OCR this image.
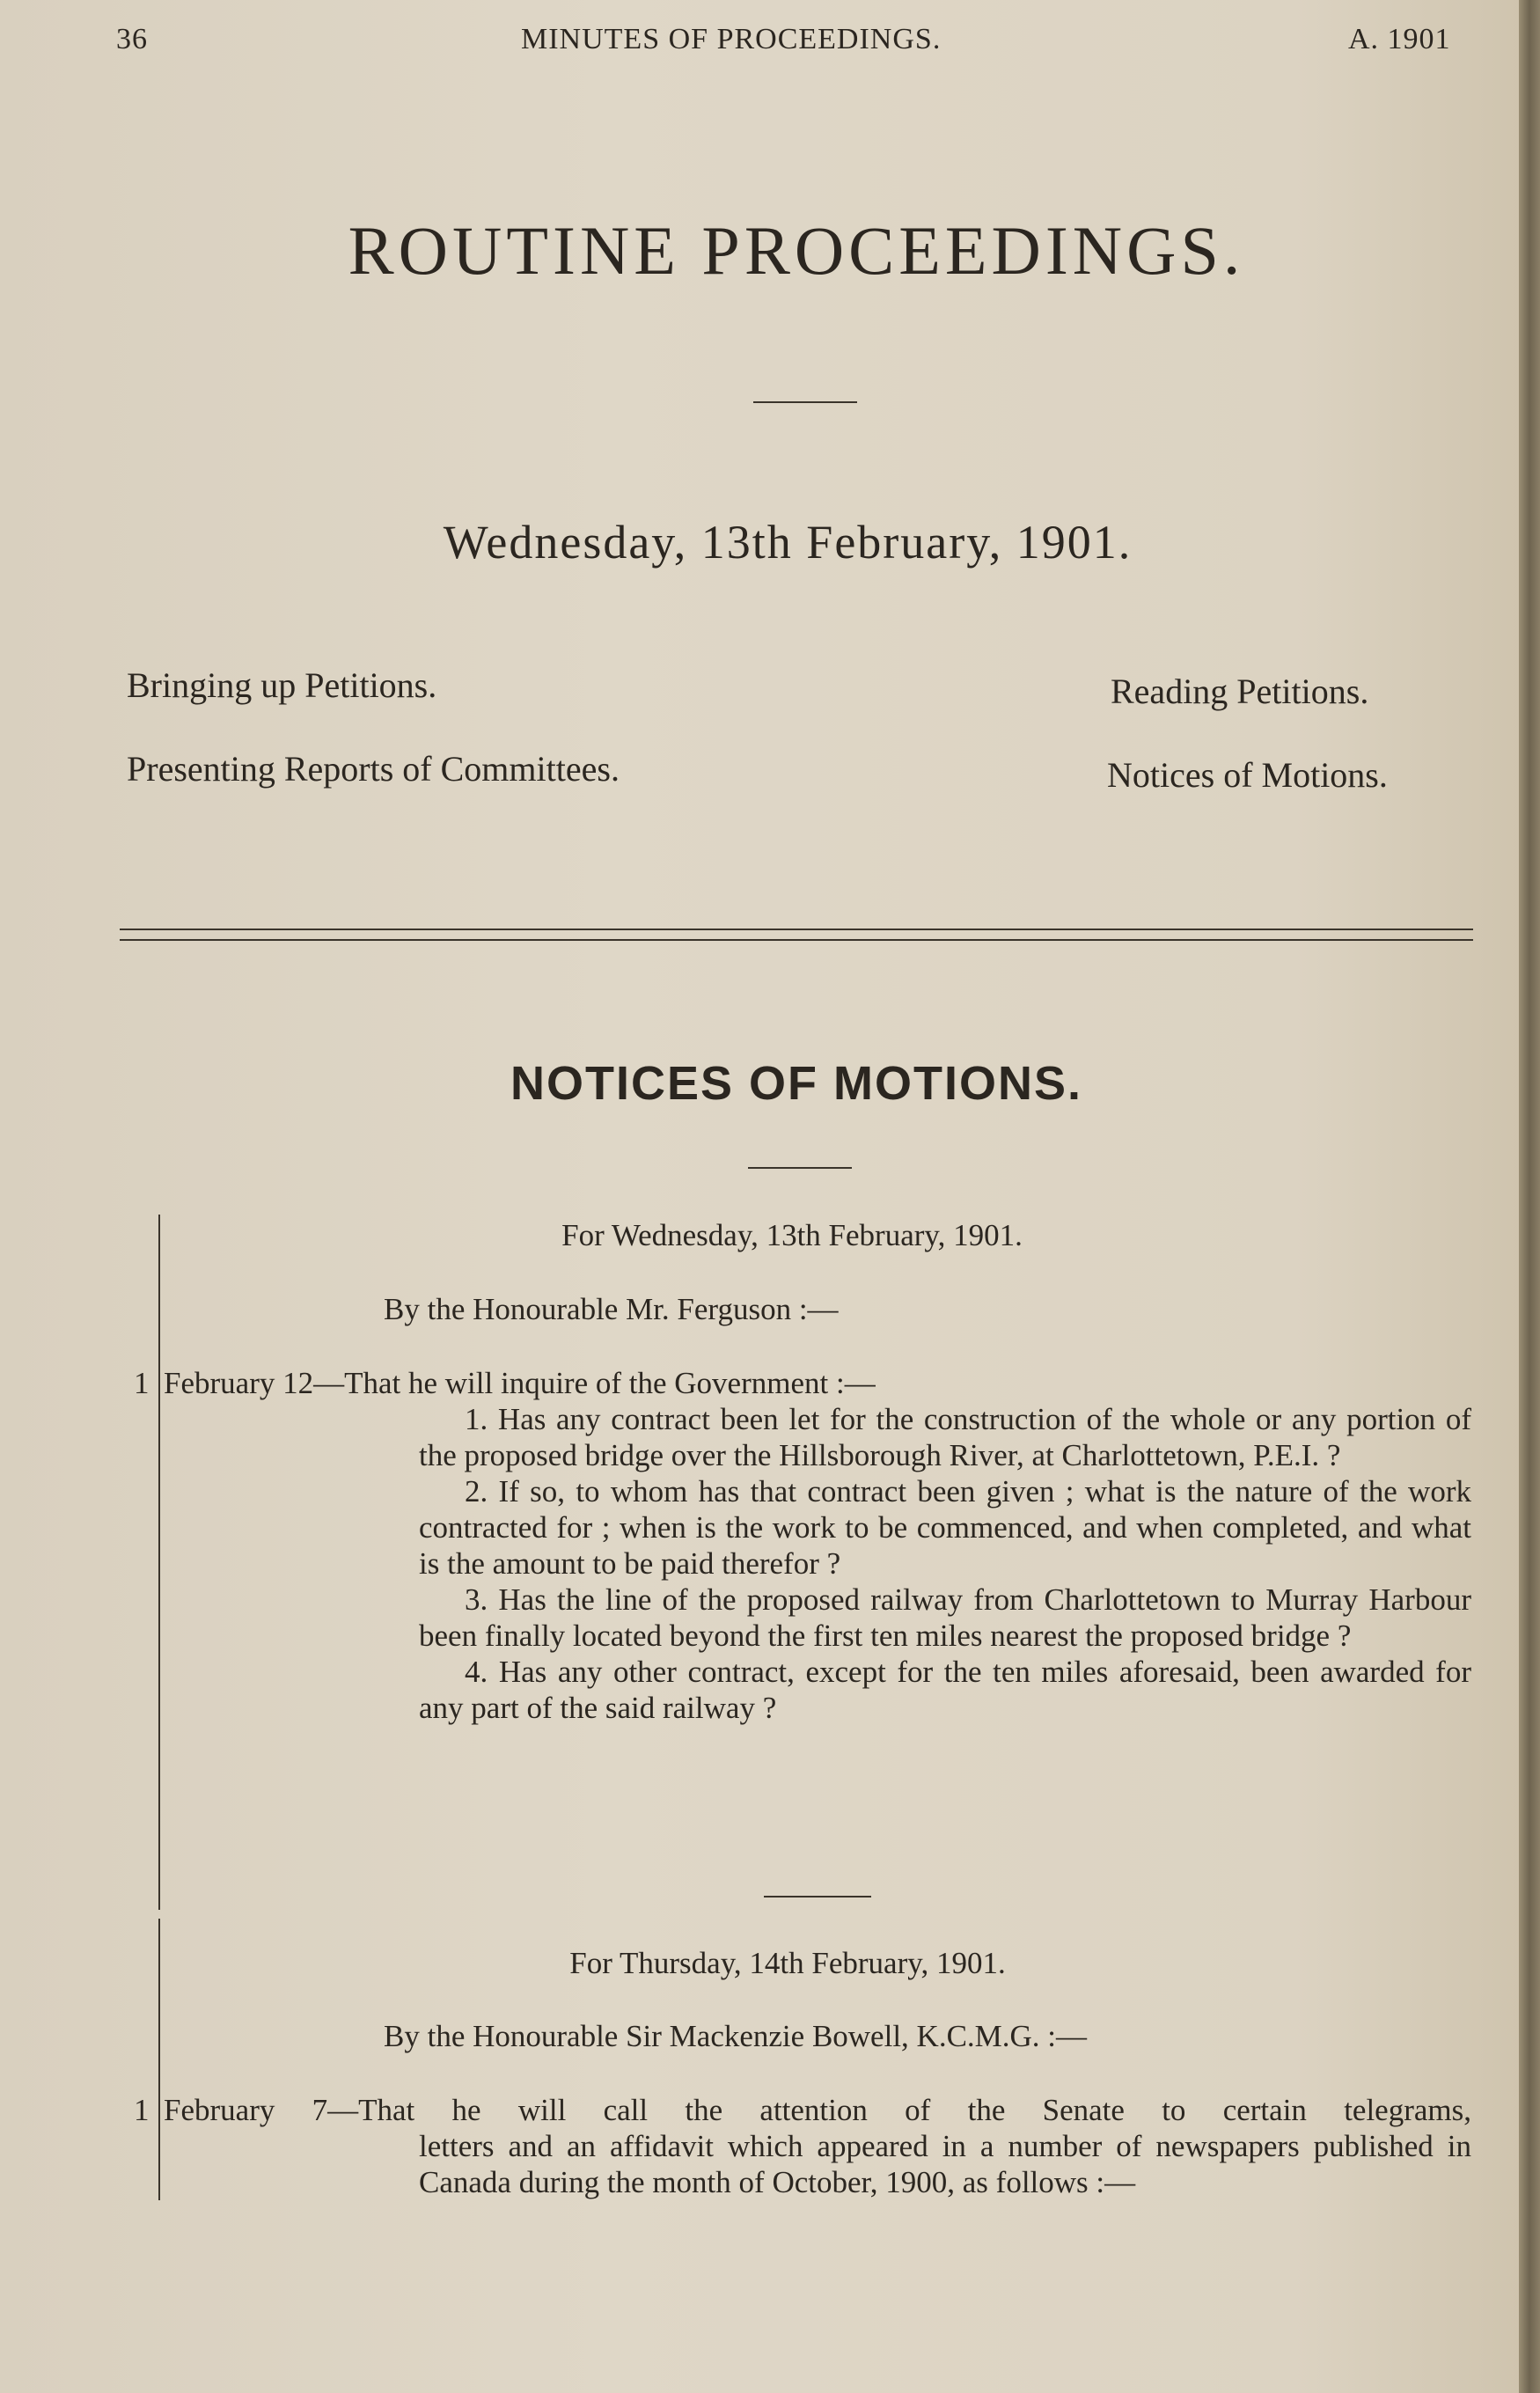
36	MINUTES OF PROCEEDINGS.	A. 1901
ROUTINE PROCEEDINGS.
Wednesday, 13th February, 1901.
Bringing up Petitions.	Reading Petitions.
Presenting Reports of Committees.	Notices of Motions.
NOTICES OF MOTIONS.
For Wednesday, 13th February, 1901.
By the Honourable Mr. Ferguson :—
1 February 12—That he will inquire of the Government :—

1. Has any contract been let for the construction of the whole or any portion of the proposed bridge over the Hillsborough River, at Charlottetown, P.E.I. ?

2. If so, to whom has that contract been given ; what is the nature of the work contracted for ; when is the work to be commenced, and when completed, and what is the amount to be paid therefor ?

3. Has the line of the proposed railway from Charlottetown to Murray Harbour been finally located beyond the first ten miles nearest the proposed bridge ?

4. Has any other contract, except for the ten miles aforesaid, been awarded for any part of the said railway ?

For Thursday, 14th February, 1901.
By the Honourable Sir Mackenzie Bowell, K.C.M.G. :—
1 February 7—That he will call the attention of the Senate to certain telegrams,
letters and an affidavit which appeared in a number of newspapers published in Canada during the month of October, 1900, as follows :—
